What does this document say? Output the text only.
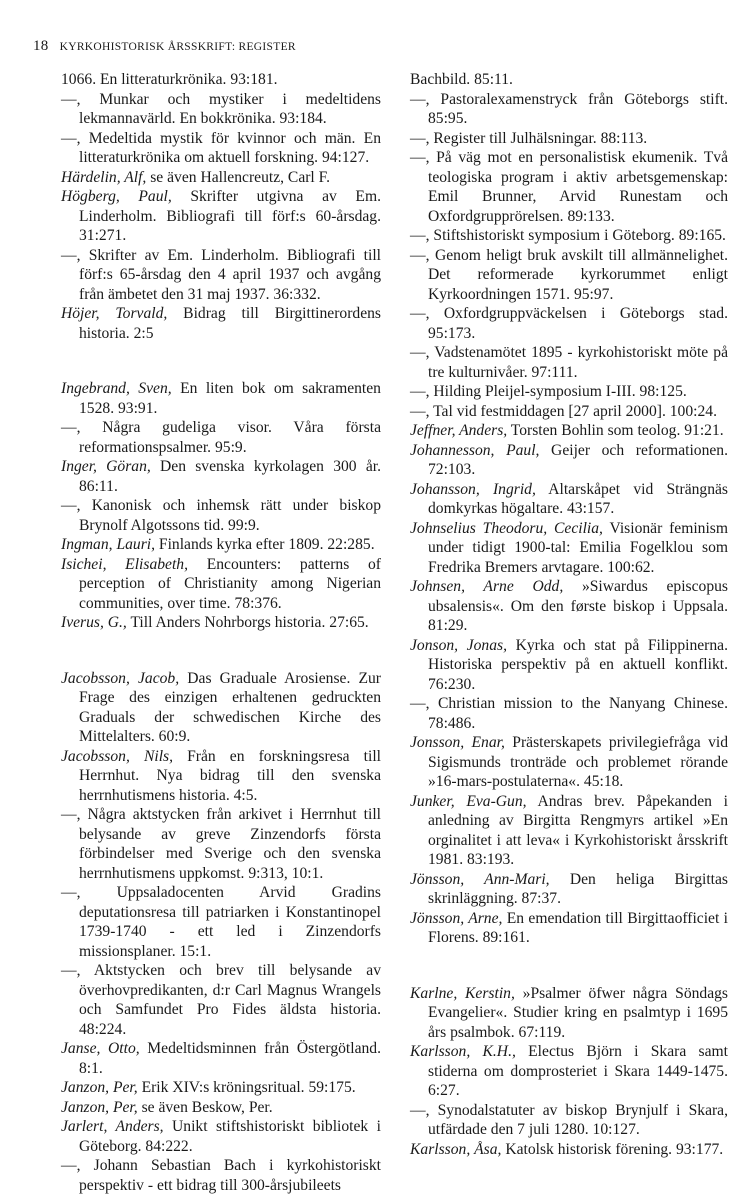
18 KYRKOHISTORISK ÅRSSKRIFT: REGISTER

1066. En litteraturkrönika. 93:181.

—, Munkar och mystiker i medeltidens lekmannavärld. En bokkrönika. 93:184.

—, Medeltida mystik för kvinnor och män. En litteraturkrönika om aktuell forskning. 94:127.

Härdelin, Alf, se även Hallencreutz, Carl F.

Högberg, Paul, Skrifter utgivna av Em. Linderholm. Bibliografi till förf:s 60-årsdag. 31:271.

—, Skrifter av Em. Linderholm. Bibliografi till förf:s 65-årsdag den 4 april 1937 och avgång från ämbetet den 31 maj 1937. 36:332.

Höjer, Torvald, Bidrag till Birgittinerordens historia. 2:5

Ingebrand, Sven, En liten bok om sakramenten 1528. 93:91.

—, Några gudeliga visor. Våra första reformationspsalmer. 95:9.

Inger, Göran, Den svenska kyrkolagen 300 år. 86:11.

—, Kanonisk och inhemsk rätt under biskop Brynolf Algotssons tid. 99:9.

Ingman, Lauri, Finlands kyrka efter 1809. 22:285.

Isichei, Elisabeth, Encounters: patterns of perception of Christianity among Nigerian communities, over time. 78:376.

Iverus, G., Till Anders Nohrborgs historia. 27:65.

Jacobsson, Jacob, Das Graduale Arosiense. Zur Frage des einzigen erhaltenen gedruckten Graduals der schwedischen Kirche des Mittelalters. 60:9.

Jacobsson, Nils, Från en forskningsresa till Herrnhut. Nya bidrag till den svenska herrnhutismens historia. 4:5.

—, Några aktstycken från arkivet i Herrnhut till belysande av greve Zinzendorfs första förbindelser med Sverige och den svenska herrnhutismens uppkomst. 9:313, 10:1.

—, Uppsaladocenten Arvid Gradins deputationsresa till patriarken i Konstantinopel 1739-1740 - ett led i Zinzendorfs missionsplaner. 15:1.

—, Aktstycken och brev till belysande av överhovpredikanten, d:r Carl Magnus Wrangels och Samfundet Pro Fides äldsta historia. 48:224.

Janse, Otto, Medeltidsminnen från Östergötland. 8:1.

Janzon, Per, Erik XIV:s kröningsritual. 59:175.

Janzon, Per, se även Beskow, Per.

Jarlert, Anders, Unikt stiftshistoriskt bibliotek i Göteborg. 84:222.

—, Johann Sebastian Bach i kyrkohistoriskt perspektiv - ett bidrag till 300-årsjubileets

Bachbild. 85:11.

—, Pastoralexamenstryck från Göteborgs stift. 85:95.

—, Register till Julhälsningar. 88:113.

—, På väg mot en personalistisk ekumenik. Två teologiska program i aktiv arbetsgemenskap: Emil Brunner, Arvid Runestam och Oxfordgrupprörelsen. 89:133.

—, Stiftshistoriskt symposium i Göteborg. 89:165.

—, Genom heligt bruk avskilt till allmännelighet. Det reformerade kyrkorummet enligt Kyrkoordningen 1571. 95:97.

—, Oxfordgruppväckelsen i Göteborgs stad. 95:173.

—, Vadstenamötet 1895 - kyrkohistoriskt möte på tre kulturnivåer. 97:111.

—, Hilding Pleijel-symposium I-III. 98:125.

—, Tal vid festmiddagen [27 april 2000]. 100:24.

Jeffner, Anders, Torsten Bohlin som teolog. 91:21.

Johannesson, Paul, Geijer och reformationen. 72:103.

Johansson, Ingrid, Altarskåpet vid Strängnäs domkyrkas högaltare. 43:157.

Johnselius Theodoru, Cecilia, Visionär feminism under tidigt 1900-tal: Emilia Fogelklou som Fredrika Bremers arvtagare. 100:62.

Johnsen, Arne Odd, »Siwardus episcopus ubsalensis«. Om den første biskop i Uppsala. 81:29.

Jonson, Jonas, Kyrka och stat på Filippinerna. Historiska perspektiv på en aktuell konflikt. 76:230.

—, Christian mission to the Nanyang Chinese. 78:486.

Jonsson, Enar, Prästerskapets privilegiefråga vid Sigismunds tronträde och problemet rörande »16-mars-postulaterna«. 45:18.

Junker, Eva-Gun, Andras brev. Påpekanden i anledning av Birgitta Rengmyrs artikel »En orginalitet i att leva« i Kyrkohistoriskt årsskrift 1981. 83:193.

Jönsson, Ann-Mari, Den heliga Birgittas skrinläggning. 87:37.

Jönsson, Arne, En emendation till Birgittaofficiet i Florens. 89:161.

Karlne, Kerstin, »Psalmer öfwer några Söndags Evangelier«. Studier kring en psalmtyp i 1695 års psalmbok. 67:119.

Karlsson, K.H., Electus Björn i Skara samt stiderna om domprosteriet i Skara 1449-1475. 6:27.

—, Synodalstatuter av biskop Brynjulf i Skara, utfärdade den 7 juli 1280. 10:127.

Karlsson, Åsa, Katolsk historisk förening. 93:177.
